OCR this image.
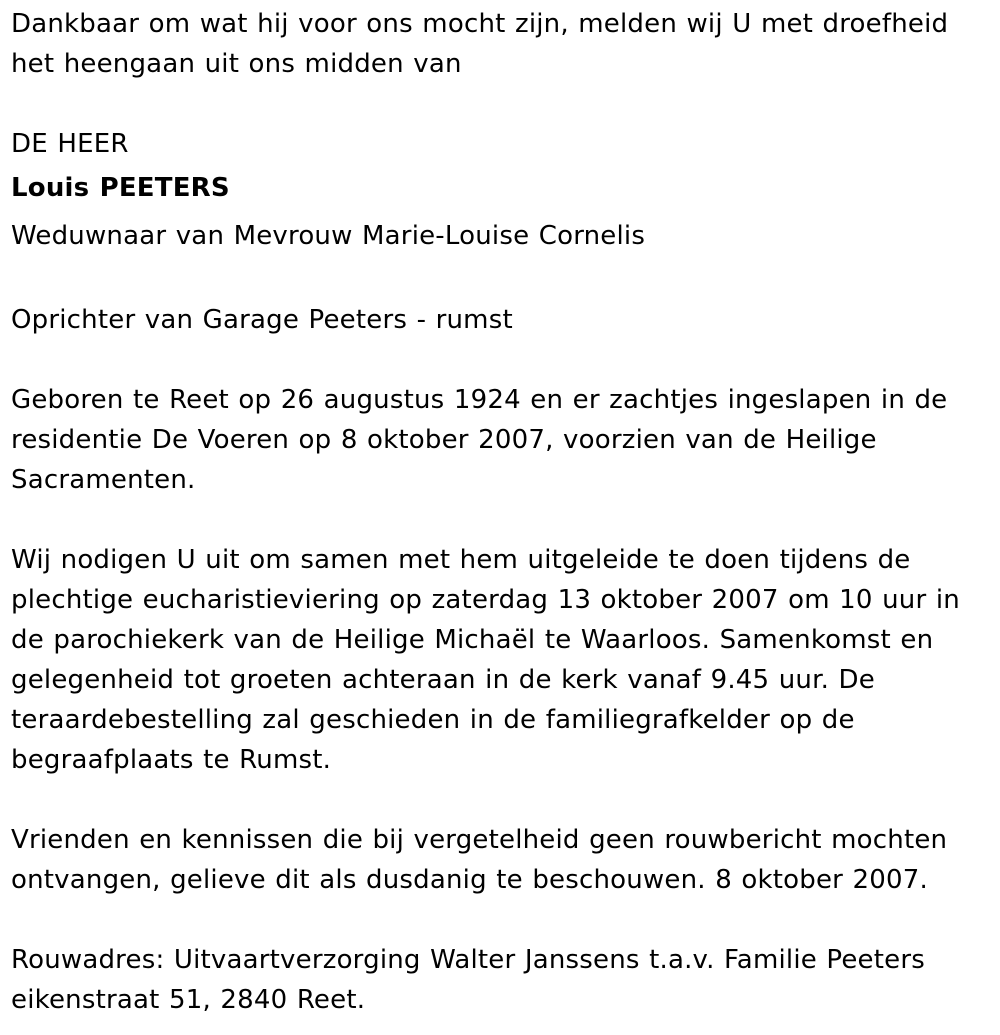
Dankbaar om wat hij voor ons mocht zijn, melden wij U met droefheid
het heengaan uit ons midden van

DE HEER

Louis PEETERS

Weduwnaar van Mevrouw Marie-Louise Cornelis

Oprichter van Garage Peeters - rumst

Geboren te Reet op 26 augustus 1924 en er zachtjes ingeslapen in de
residentie De Voeren op 8 oktober 2007, voorzien van de Heilige
Sacramenten.

Wij nodigen U uit om samen met hem uitgeleide te doen tijdens de
plechtige eucharistieviering op zaterdag 13 oktober 2007 om 10 uur in
de parochiekerk van de Heilige Michaël te Waarloos. Samenkomst en
gelegenheid tot groeten achteraan in de kerk vanaf 9.45 uur. De
teraardebestelling zal geschieden in de familiegrafkelder op de
begraafplaats te Rumst.

Vrienden en kennissen die bij vergetelheid geen rouwbericht mochten
ontvangen, gelieve dit als dusdanig te beschouwen. 8 oktober 2007.

Rouwadres: Uitvaartverzorging Walter Janssens t.a.v. Familie Peeters
eikenstraat 51, 2840 Reet.
